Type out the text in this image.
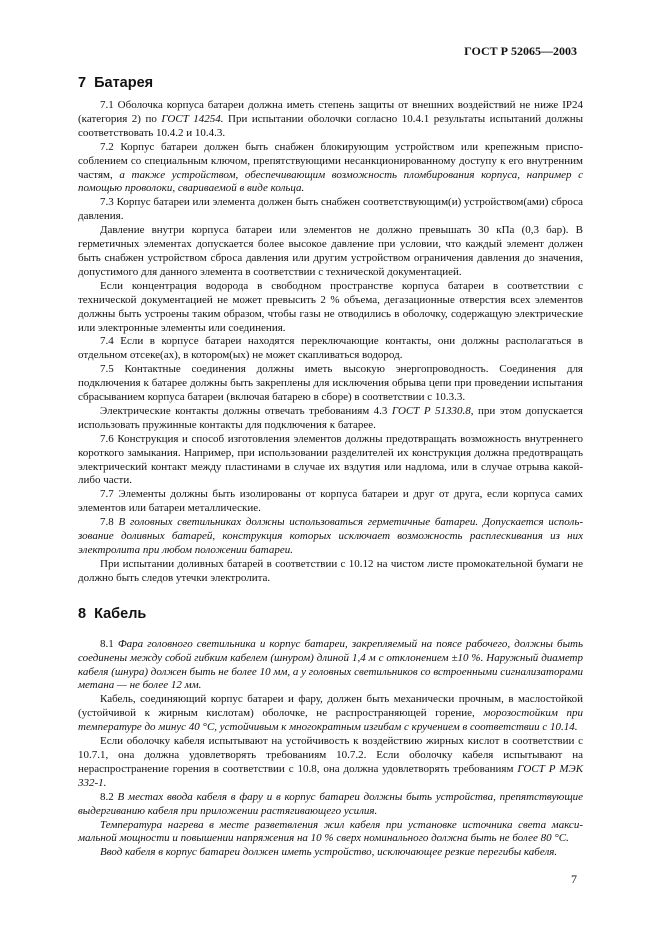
ГОСТ Р 52065—2003
7 Батарея

7.1 Оболочка корпуса батареи должна иметь степень защиты от внешних воздействий не ниже IP24 (категория 2) по ГОСТ 14254. При испытании оболочки согласно 10.4.1 результаты испытаний должны соответствовать 10.4.2 и 10.4.3.

7.2 Корпус батареи должен быть снабжен блокирующим устройством или крепежным приспособлением со специальным ключом, препятствующими несанкционированному доступу к его внутренним частям, а также устройством, обеспечивающим возможность пломбирования корпуса, например с помощью проволоки, свариваемой в виде кольца.

7.3 Корпус батареи или элемента должен быть снабжен соответствующим(и) устройством(ами) сброса давления.

Давление внутри корпуса батареи или элементов не должно превышать 30 кПа (0,3 бар). В герметичных элементах допускается более высокое давление при условии, что каждый элемент должен быть снабжен устройством сброса давления или другим устройством ограничения давления до значения, допустимого для данного элемента в соответствии с технической документацией.

Если концентрация водорода в свободном пространстве корпуса батареи в соответствии с технической документацией не может превысить 2 % объема, дегазационные отверстия всех элементов должны быть устроены таким образом, чтобы газы не отводились в оболочку, содержащую электрические или электронные элементы или соединения.

7.4 Если в корпусе батареи находятся переключающие контакты, они должны располагаться в отдельном отсеке(ах), в котором(ых) не может скапливаться водород.

7.5 Контактные соединения должны иметь высокую энергопроводность. Соединения для подключения к батарее должны быть закреплены для исключения обрыва цепи при проведении испытания сбрасыванием корпуса батареи (включая батарею в сборе) в соответствии с 10.3.3.

Электрические контакты должны отвечать требованиям 4.3 ГОСТ Р 51330.8, при этом допускается использовать пружинные контакты для подключения к батарее.

7.6 Конструкция и способ изготовления элементов должны предотвращать возможность внутреннего короткого замыкания. Например, при использовании разделителей их конструкция должна предотвращать электрический контакт между пластинами в случае их вздутия или надлома, или в случае отрыва какой-либо части.

7.7 Элементы должны быть изолированы от корпуса батареи и друг от друга, если корпуса самих элементов или батареи металлические.

7.8 В головных светильниках должны использоваться герметичные батареи. Допускается использование доливных батарей, конструкция которых исключает возможность расплескивания из них электролита при любом положении батареи.

При испытании доливных батарей в соответствии с 10.12 на чистом листе промокательной бумаги не должно быть следов утечки электролита.

8 Кабель

8.1 Фара головного светильника и корпус батареи, закрепляемый на поясе рабочего, должны быть соединены между собой гибким кабелем (шнуром) длиной 1,4 м с отклонением ±10 %. Наружный диаметр кабеля (шнура) должен быть не более 10 мм, а у головных светильников со встроенными сигнализаторами метана — не более 12 мм.

Кабель, соединяющий корпус батареи и фару, должен быть механически прочным, в маслостойкой (устойчивой к жирным кислотам) оболочке, не распространяющей горение, морозостойким при температуре до минус 40 °С, устойчивым к многократным изгибам с кручением в соответствии с 10.14.

Если оболочку кабеля испытывают на устойчивость к воздействию жирных кислот в соответствии с 10.7.1, она должна удовлетворять требованиям 10.7.2. Если оболочку кабеля испытывают на нераспространение горения в соответствии с 10.8, она должна удовлетворять требованиям ГОСТ Р МЭК 332-1.

8.2 В местах ввода кабеля в фару и в корпус батареи должны быть устройства, препятствующие выдергиванию кабеля при приложении растягивающего усилия.

Температура нагрева в месте разветвления жил кабеля при установке источника света максимальной мощности и повышении напряжения на 10 % сверх номинального должна быть не более 80 °С.

Ввод кабеля в корпус батареи должен иметь устройство, исключающее резкие перегибы кабеля.

7
